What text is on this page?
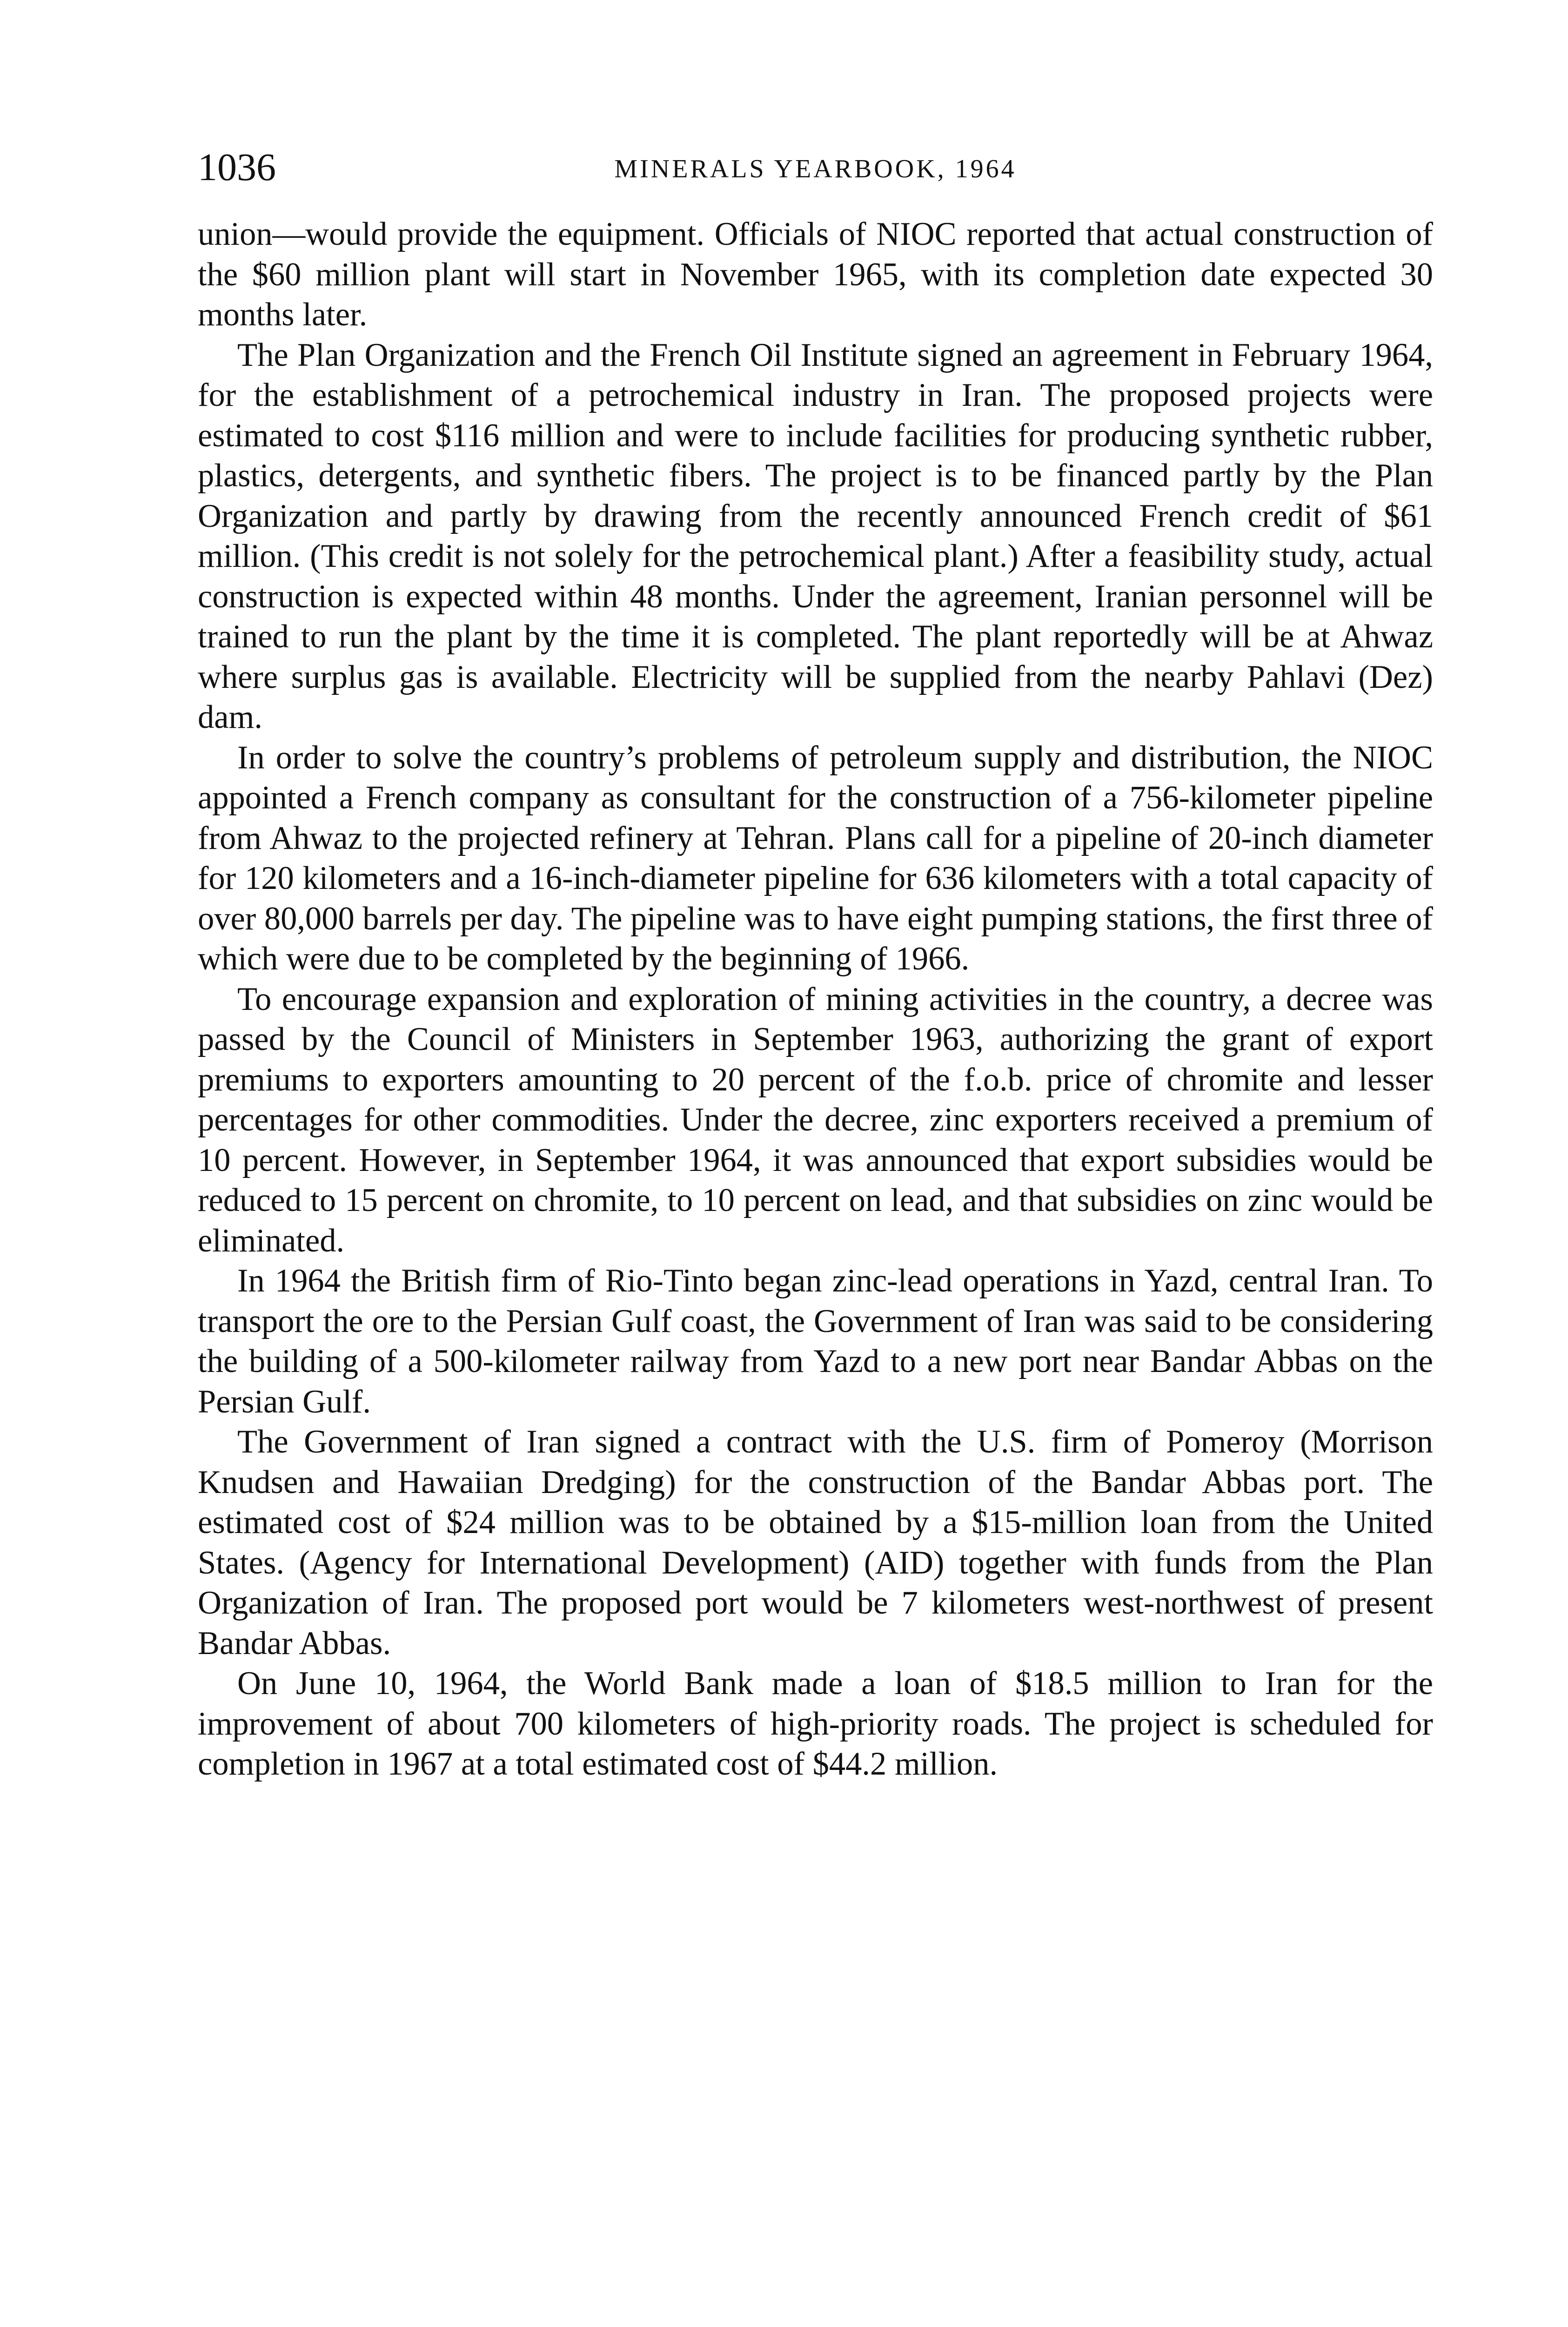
1036	MINERALS YEARBOOK, 1964

union—would provide the equipment. Officials of NIOC reported that actual construction of the $60 million plant will start in November 1965, with its completion date expected 30 months later.

The Plan Organization and the French Oil Institute signed an agreement in February 1964, for the establishment of a petrochemical industry in Iran. The proposed projects were estimated to cost $116 million and were to include facilities for producing synthetic rubber, plastics, detergents, and synthetic fibers. The project is to be financed partly by the Plan Organization and partly by drawing from the recently announced French credit of $61 million. (This credit is not solely for the petrochemical plant.) After a feasibility study, actual construction is expected within 48 months. Under the agreement, Iranian personnel will be trained to run the plant by the time it is completed. The plant reportedly will be at Ahwaz where surplus gas is available. Electricity will be supplied from the nearby Pahlavi (Dez) dam.

In order to solve the country’s problems of petroleum supply and distribution, the NIOC appointed a French company as consultant for the construction of a 756-kilometer pipeline from Ahwaz to the projected refinery at Tehran. Plans call for a pipeline of 20-inch diameter for 120 kilometers and a 16-inch-diameter pipeline for 636 kilometers with a total capacity of over 80,000 barrels per day. The pipeline was to have eight pumping stations, the first three of which were due to be completed by the beginning of 1966.

To encourage expansion and exploration of mining activities in the country, a decree was passed by the Council of Ministers in September 1963, authorizing the grant of export premiums to exporters amounting to 20 percent of the f.o.b. price of chromite and lesser percentages for other commodities. Under the decree, zinc exporters received a premium of 10 percent. However, in September 1964, it was announced that export subsidies would be reduced to 15 percent on chromite, to 10 percent on lead, and that subsidies on zinc would be eliminated.

In 1964 the British firm of Rio-Tinto began zinc-lead operations in Yazd, central Iran. To transport the ore to the Persian Gulf coast, the Government of Iran was said to be considering the building of a 500-kilometer railway from Yazd to a new port near Bandar Abbas on the Persian Gulf.

The Government of Iran signed a contract with the U.S. firm of Pomeroy (Morrison Knudsen and Hawaiian Dredging) for the construction of the Bandar Abbas port. The estimated cost of $24 million was to be obtained by a $15-million loan from the United States. (Agency for International Development) (AID) together with funds from the Plan Organization of Iran. The proposed port would be 7 kilometers west-northwest of present Bandar Abbas.

On June 10, 1964, the World Bank made a loan of $18.5 million to Iran for the improvement of about 700 kilometers of high-priority roads. The project is scheduled for completion in 1967 at a total estimated cost of $44.2 million.
